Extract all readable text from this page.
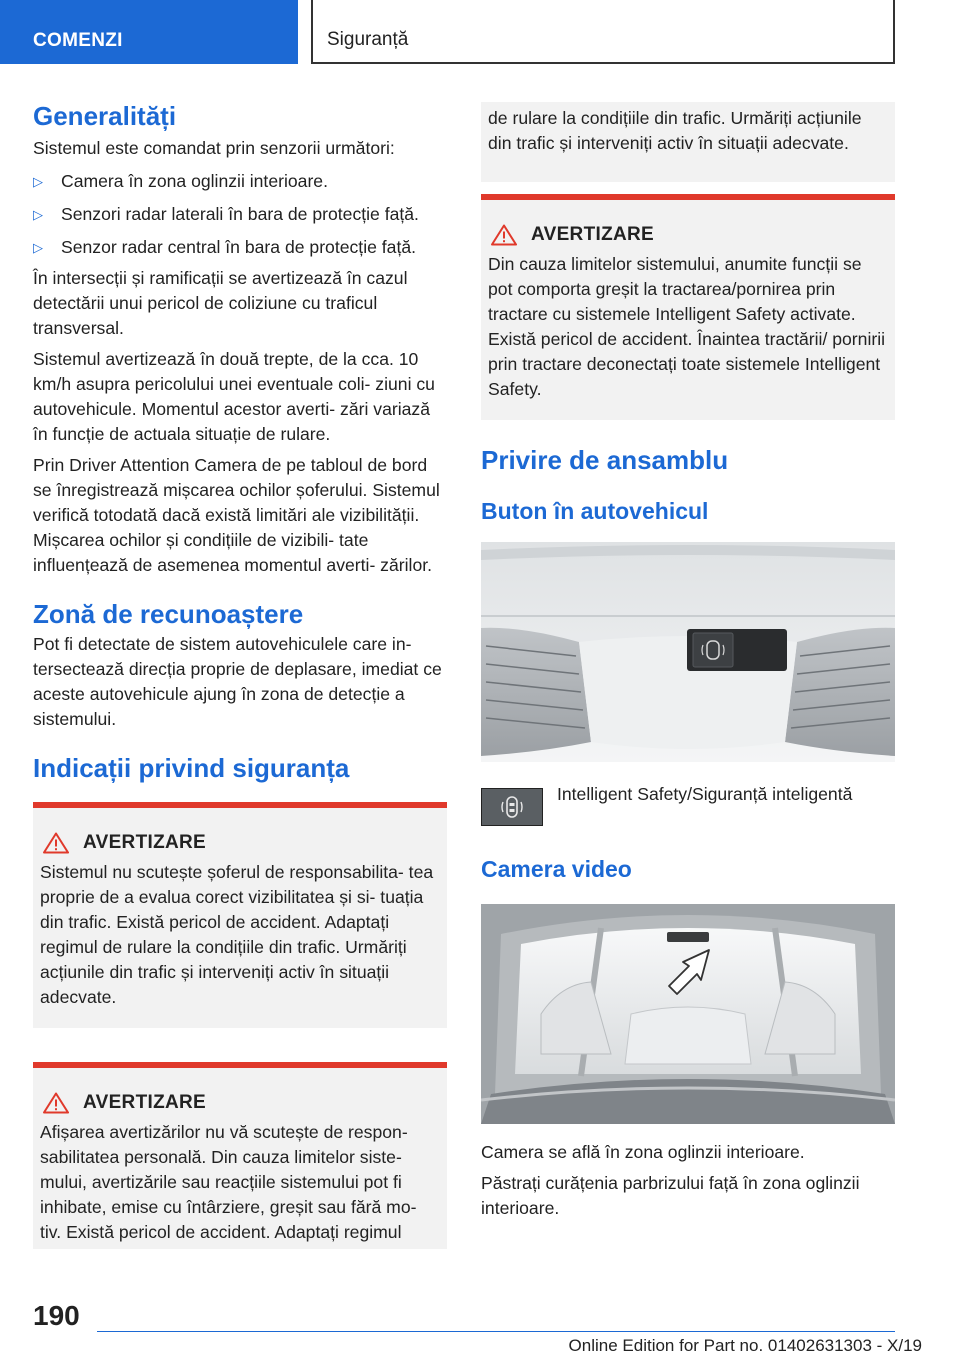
COMENZI	Siguranță
Generalități

Sistemul este comandat prin senzorii următori:

▷ Camera în zona oglinzii interioare.
▷ Senzori radar laterali în bara de protecție față.
▷ Senzor radar central în bara de protecție față.

În intersecții și ramificații se avertizează în cazul detectării unui pericol de coliziune cu traficul transversal.

Sistemul avertizează în două trepte, de la cca. 10 km/h asupra pericolului unei eventuale coli- ziuni cu autovehicule. Momentul acestor averti- zări variază în funcție de actuala situație de rulare.

Prin Driver Attention Camera de pe tabloul de bord se înregistrează mișcarea ochilor șoferului. Sistemul verifică totodată dacă există limitări ale vizibilității. Mișcarea ochilor și condițiile de vizibili- tate influențează de asemenea momentul averti- zărilor.

Zonă de recunoaștere

Pot fi detectate de sistem autovehiculele care in- tersectează direcția proprie de deplasare, imediat ce aceste autovehicule ajung în zona de detecție a sistemului.

Indicații privind siguranța
AVERTIZARE

Sistemul nu scutește șoferul de responsabilita- tea proprie de a evalua corect vizibilitatea și si- tuația din trafic. Există pericol de accident. Adaptați regimul de rulare la condițiile din trafic. Urmăriți acțiunile din trafic și interveniți activ în situații adecvate.

AVERTIZARE

Afișarea avertizărilor nu vă scutește de respon- sabilitatea personală. Din cauza limitelor siste- mului, avertizările sau reacțiile sistemului pot fi inhibate, emise cu întârziere, greșit sau fără mo- tiv. Există pericol de accident. Adaptați regimul

de rulare la condițiile din trafic. Urmăriți acțiunile din trafic și interveniți activ în situații adecvate.

AVERTIZARE

Din cauza limitelor sistemului, anumite funcții se pot comporta greșit la tractarea/pornirea prin tractare cu sistemele Intelligent Safety activate. Există pericol de accident. Înaintea tractării/ pornirii prin tractare deconectați toate sistemele Intelligent Safety.

Privire de ansamblu
Buton în autovehicul

Intelligent Safety/Siguranță inteligentă

Camera video

Camera se află în zona oglinzii interioare.

Păstrați curățenia parbrizului față în zona oglinzii interioare.

190
Online Edition for Part no. 01402631303 - X/19
